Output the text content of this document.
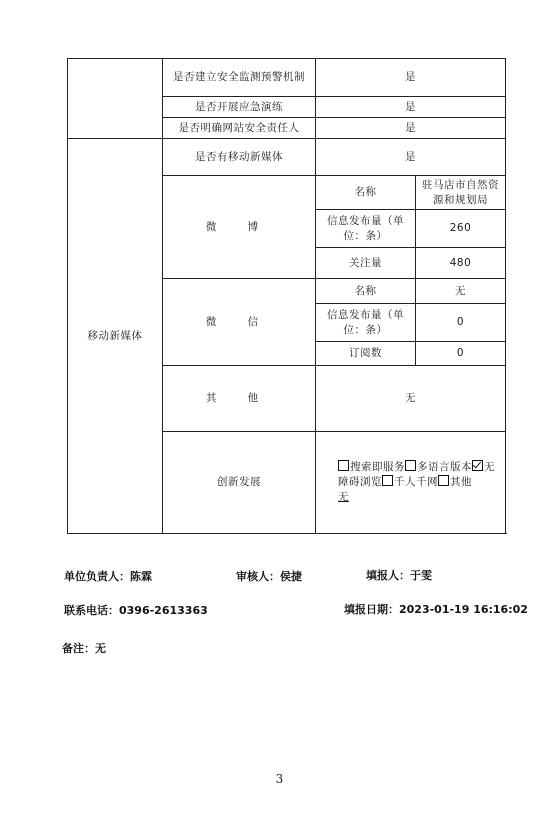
	是否建立安全监测预警机制	是	
	是否开展应急演练	是	
	是否明确网站安全责任人	是	
移动新媒体	是否有移动新媒体	是	
	微 博	名称	驻马店市自然资源和规划局
		信息发布量（单位：条）	260
		关注量	480
	微 信	名称	无
		信息发布量（单位：条）	0
		订阅数	0
	其 他	无	
	创新发展	搜索即服务 多语言版本 无障碍浏览 千人千网 其他
无	
单位负责人：陈霖	审核人：侯捷	填报人：于雯
联系电话：0396-2613363	填报日期：2023-01-19 16:16:02
备注：无
3
